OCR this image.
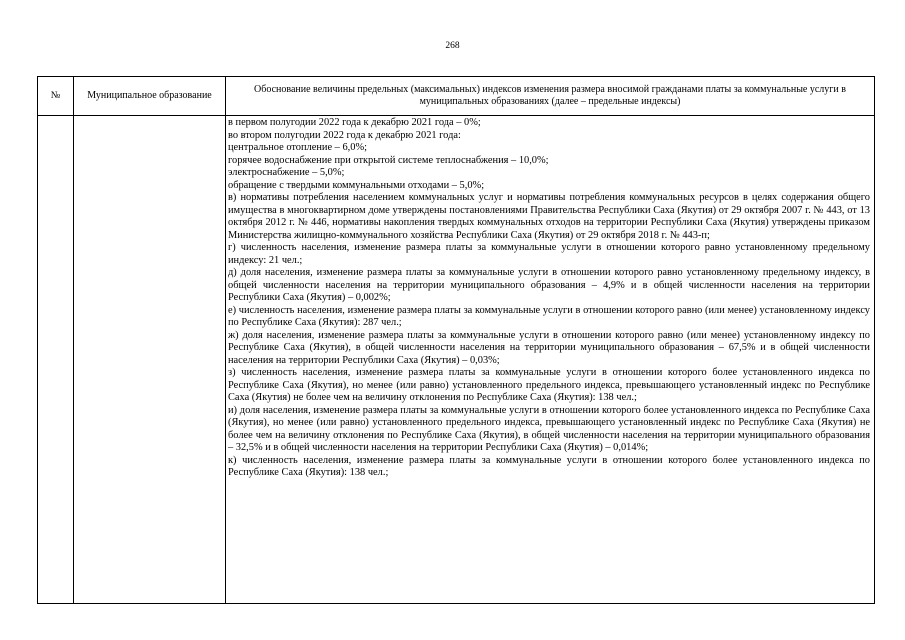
268
№	Муниципальное образование
Обоснование величины предельных (максимальных) индексов изменения размера вносимой гражданами платы за коммунальные услуги в муниципальных образованиях (далее – предельные индексы)

в первом полугодии 2022 года к декабрю 2021 года – 0%;

во втором полугодии 2022 года к декабрю 2021 года:

центральное отопление – 6,0%;

горячее водоснабжение при открытой системе теплоснабжения – 10,0%;

электроснабжение – 5,0%;

обращение с твердыми коммунальными отходами – 5,0%;

в) нормативы потребления населением коммунальных услуг и нормативы потребления коммунальных ресурсов в целях содержания общего имущества в многоквартирном доме утверждены постановлениями Правительства Республики Саха (Якутия) от 29 октября 2007 г. № 443, от 13 октября 2012 г. № 446, нормативы накопления твердых коммунальных отходов на территории Республики Саха (Якутия) утверждены приказом Министерства жилищно-коммунального хозяйства Республики Саха (Якутия) от 29 октября 2018 г. № 443-п;

г) численность населения, изменение размера платы за коммунальные услуги в отношении которого равно установленному предельному индексу: 21 чел.;

д) доля населения, изменение размера платы за коммунальные услуги в отношении которого равно установленному предельному индексу, в общей численности населения на территории муниципального образования – 4,9% и в общей численности населения на территории Республики Саха (Якутия) – 0,002%;

е) численность населения, изменение размера платы за коммунальные услуги в отношении которого равно (или менее) установленному индексу по Республике Саха (Якутия): 287 чел.;

ж) доля населения, изменение размера платы за коммунальные услуги в отношении которого равно (или менее) установленному индексу по Республике Саха (Якутия), в общей численности населения на территории муниципального образования – 67,5% и в общей численности населения на территории Республики Саха (Якутия) – 0,03%;

з) численность населения, изменение размера платы за коммунальные услуги в отношении которого более установленного индекса по Республике Саха (Якутия), но менее (или равно) установленного предельного индекса, превышающего установленный индекс по Республике Саха (Якутия) не более чем на величину отклонения по Республике Саха (Якутия): 138 чел.;

и) доля населения, изменение размера платы за коммунальные услуги в отношении которого более установленного индекса по Республике Саха (Якутия), но менее (или равно) установленного предельного индекса, превышающего установленный индекс по Республике Саха (Якутия) не более чем на величину отклонения по Республике Саха (Якутия), в общей численности населения на территории муниципального образования – 32,5% и в общей численности населения на территории Республики Саха (Якутия) – 0,014%;

к) численность населения, изменение размера платы за коммунальные услуги в отношении которого более установленного индекса по Республике Саха (Якутия): 138 чел.;
